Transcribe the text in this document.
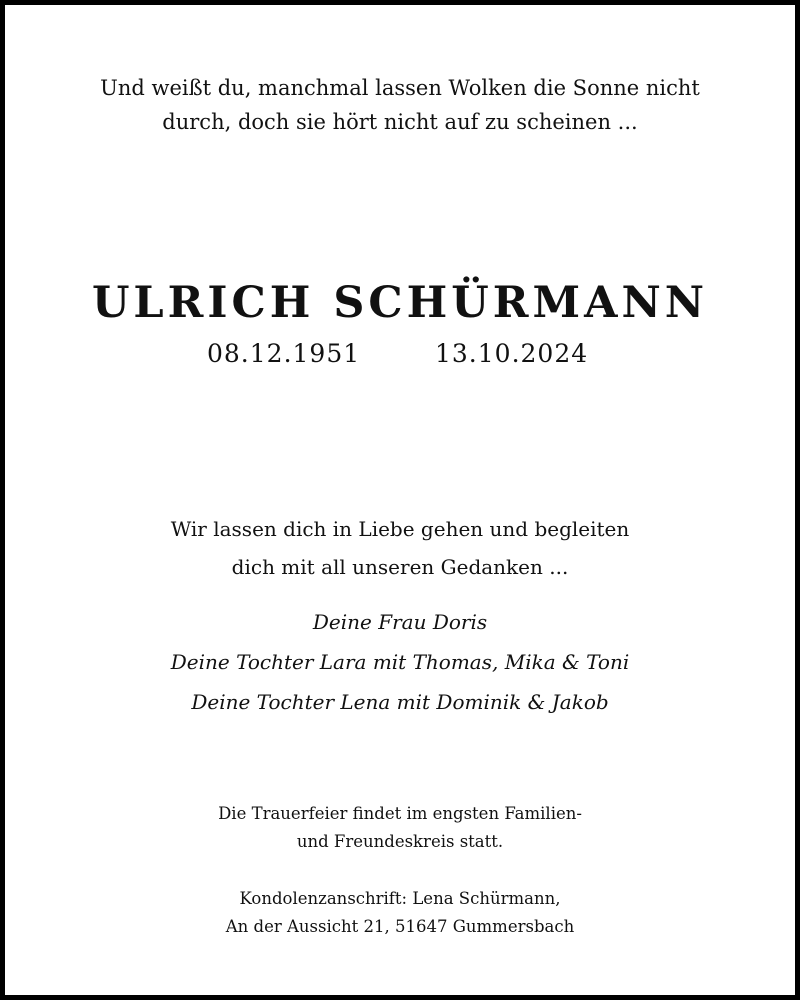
Und weißt du, manchmal lassen Wolken die Sonne nicht
durch, doch sie hört nicht auf zu scheinen ...

ULRICH SCHÜRMANN
08.12.1951	13.10.2024

Wir lassen dich in Liebe gehen und begleiten
dich mit all unseren Gedanken ...

Deine Frau Doris
Deine Tochter Lara mit Thomas, Mika & Toni
Deine Tochter Lena mit Dominik & Jakob

Die Trauerfeier findet im engsten Familien-
und Freundeskreis statt.

Kondolenzanschrift: Lena Schürmann,
An der Aussicht 21, 51647 Gummersbach
